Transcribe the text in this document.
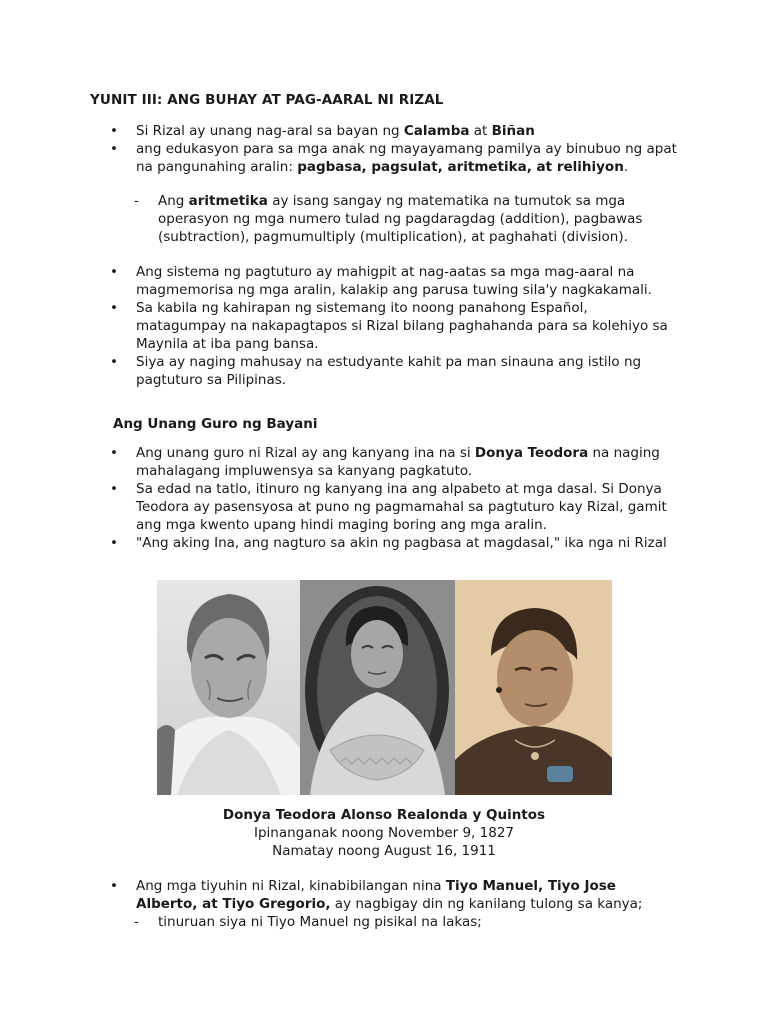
YUNIT III: ANG BUHAY AT PAG-AARAL NI RIZAL
•	Si Rizal ay unang nag-aral sa bayan ng Calamba at Biñan
•	ang edukasyon para sa mga anak ng mayayamang pamilya ay binubuo ng apat na pangunahing aralin: pagbasa, pagsulat, aritmetika, at relihiyon.
-	Ang aritmetika ay isang sangay ng matematika na tumutok sa mga operasyon ng mga numero tulad ng pagdaragdag (addition), pagbawas (subtraction), pagmumultiply (multiplication), at paghahati (division).
•	Ang sistema ng pagtuturo ay mahigpit at nag-aatas sa mga mag-aaral na magmemorisa ng mga aralin, kalakip ang parusa tuwing sila'y nagkakamali.
•	Sa kabila ng kahirapan ng sistemang ito noong panahong Español, matagumpay na nakapagtapos si Rizal bilang paghahanda para sa kolehiyo sa Maynila at iba pang bansa.
•	Siya ay naging mahusay na estudyante kahit pa man sinauna ang istilo ng pagtuturo sa Pilipinas.
Ang Unang Guro ng Bayani
•	Ang unang guro ni Rizal ay ang kanyang ina na si Donya Teodora na naging mahalagang impluwensya sa kanyang pagkatuto.
•	Sa edad na tatlo, itinuro ng kanyang ina ang alpabeto at mga dasal. Si Donya Teodora ay pasensyosa at puno ng pagmamahal sa pagtuturo kay Rizal, gamit ang mga kwento upang hindi maging boring ang mga aralin.
•	"Ang aking Ina, ang nagturo sa akin ng pagbasa at magdasal," ika nga ni Rizal
Donya Teodora Alonso Realonda y Quintos
Ipinanganak noong November 9, 1827
Namatay noong August 16, 1911
•	Ang mga tiyuhin ni Rizal, kinabibilangan nina Tiyo Manuel, Tiyo Jose Alberto, at Tiyo Gregorio, ay nagbigay din ng kanilang tulong sa kanya;
-	tinuruan siya ni Tiyo Manuel ng pisikal na lakas;
